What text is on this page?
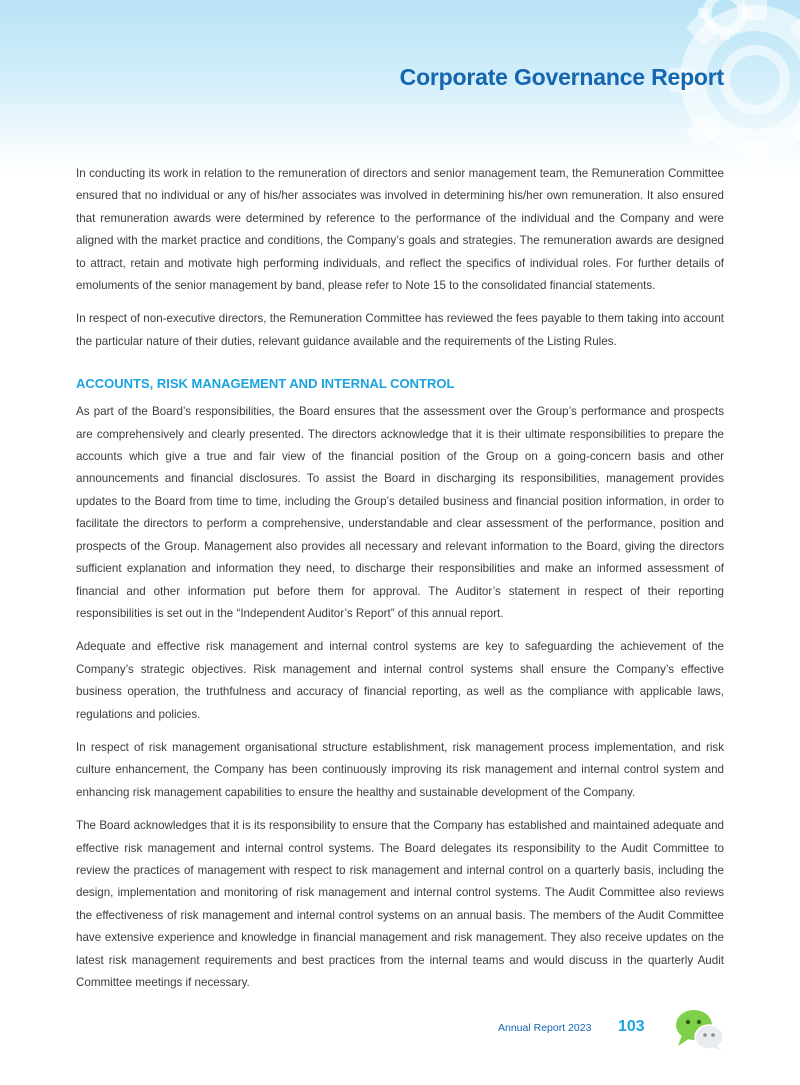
Corporate Governance Report

In conducting its work in relation to the remuneration of directors and senior management team, the Remuneration Committee ensured that no individual or any of his/her associates was involved in determining his/her own remuneration. It also ensured that remuneration awards were determined by reference to the performance of the individual and the Company and were aligned with the market practice and conditions, the Company’s goals and strategies. The remuneration awards are designed to attract, retain and motivate high performing individuals, and reflect the specifics of individual roles. For further details of emoluments of the senior management by band, please refer to Note 15 to the consolidated financial statements.

In respect of non-executive directors, the Remuneration Committee has reviewed the fees payable to them taking into account the particular nature of their duties, relevant guidance available and the requirements of the Listing Rules.

ACCOUNTS, RISK MANAGEMENT AND INTERNAL CONTROL

As part of the Board’s responsibilities, the Board ensures that the assessment over the Group’s performance and prospects are comprehensively and clearly presented. The directors acknowledge that it is their ultimate responsibilities to prepare the accounts which give a true and fair view of the financial position of the Group on a going-concern basis and other announcements and financial disclosures. To assist the Board in discharging its responsibilities, management provides updates to the Board from time to time, including the Group’s detailed business and financial position information, in order to facilitate the directors to perform a comprehensive, understandable and clear assessment of the performance, position and prospects of the Group. Management also provides all necessary and relevant information to the Board, giving the directors sufficient explanation and information they need, to discharge their responsibilities and make an informed assessment of financial and other information put before them for approval. The Auditor’s statement in respect of their reporting responsibilities is set out in the “Independent Auditor’s Report” of this annual report.

Adequate and effective risk management and internal control systems are key to safeguarding the achievement of the Company’s strategic objectives. Risk management and internal control systems shall ensure the Company’s effective business operation, the truthfulness and accuracy of financial reporting, as well as the compliance with applicable laws, regulations and policies.

In respect of risk management organisational structure establishment, risk management process implementation, and risk culture enhancement, the Company has been continuously improving its risk management and internal control system and enhancing risk management capabilities to ensure the healthy and sustainable development of the Company.

The Board acknowledges that it is its responsibility to ensure that the Company has established and maintained adequate and effective risk management and internal control systems. The Board delegates its responsibility to the Audit Committee to review the practices of management with respect to risk management and internal control on a quarterly basis, including the design, implementation and monitoring of risk management and internal control systems. The Audit Committee also reviews the effectiveness of risk management and internal control systems on an annual basis. The members of the Audit Committee have extensive experience and knowledge in financial management and risk management. They also receive updates on the latest risk management requirements and best practices from the internal teams and would discuss in the quarterly Audit Committee meetings if necessary.

Annual Report 2023 103
